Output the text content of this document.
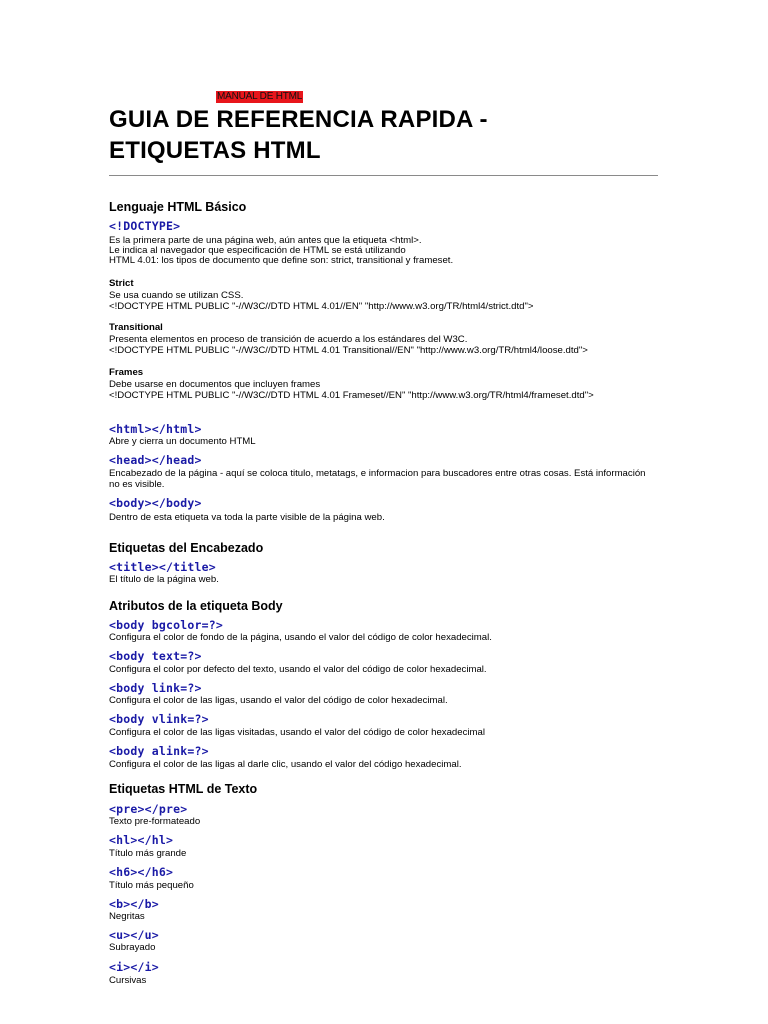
MANUAL DE HTML
GUIA DE REFERENCIA RAPIDA -
ETIQUETAS HTML
Lenguaje HTML Básico
<!DOCTYPE>
Es la primera parte de una página web, aún antes que la etiqueta <html>.
Le indica al navegador que especificación de HTML se está utilizando
HTML 4.01: los tipos de documento que define son: strict, transitional y frameset.
Strict
Se usa cuando se utilizan CSS.
<!DOCTYPE HTML PUBLIC "-//W3C//DTD HTML 4.01//EN" "http://www.w3.org/TR/html4/strict.dtd">
Transitional
Presenta elementos en proceso de transición de acuerdo a los estándares del W3C.
<!DOCTYPE HTML PUBLIC "-//W3C//DTD HTML 4.01 Transitional//EN" "http://www.w3.org/TR/html4/loose.dtd">
Frames
Debe usarse en documentos que incluyen frames
<!DOCTYPE HTML PUBLIC "-//W3C//DTD HTML 4.01 Frameset//EN" "http://www.w3.org/TR/html4/frameset.dtd">
<html></html>
Abre y cierra un documento HTML
<head></head>
Encabezado de la página - aquí se coloca titulo, metatags, e informacion para buscadores entre otras cosas. Está información
no es visible.
<body></body>
Dentro de esta etiqueta va toda la parte visible de la página web.
Etiquetas del Encabezado
<title></title>
El título de la página web.
Atributos de la etiqueta Body
<body bgcolor=?>
Configura el color de fondo de la página, usando el valor del código de color hexadecimal.
<body text=?>
Configura el color por defecto del texto, usando el valor del código de color hexadecimal.
<body link=?>
Configura el color de las ligas, usando el valor del código de color hexadecimal.
<body vlink=?>
Configura el color de las ligas visitadas, usando el valor del código de color hexadecimal
<body alink=?>
Configura el color de las ligas al darle clic, usando el valor del código hexadecimal.
Etiquetas HTML de Texto
<pre></pre>
Texto pre-formateado
<hl></hl>
Título más grande
<h6></h6>
Título más pequeño
<b></b>
Negritas
<u></u>
Subrayado
<i></i>
Cursivas
